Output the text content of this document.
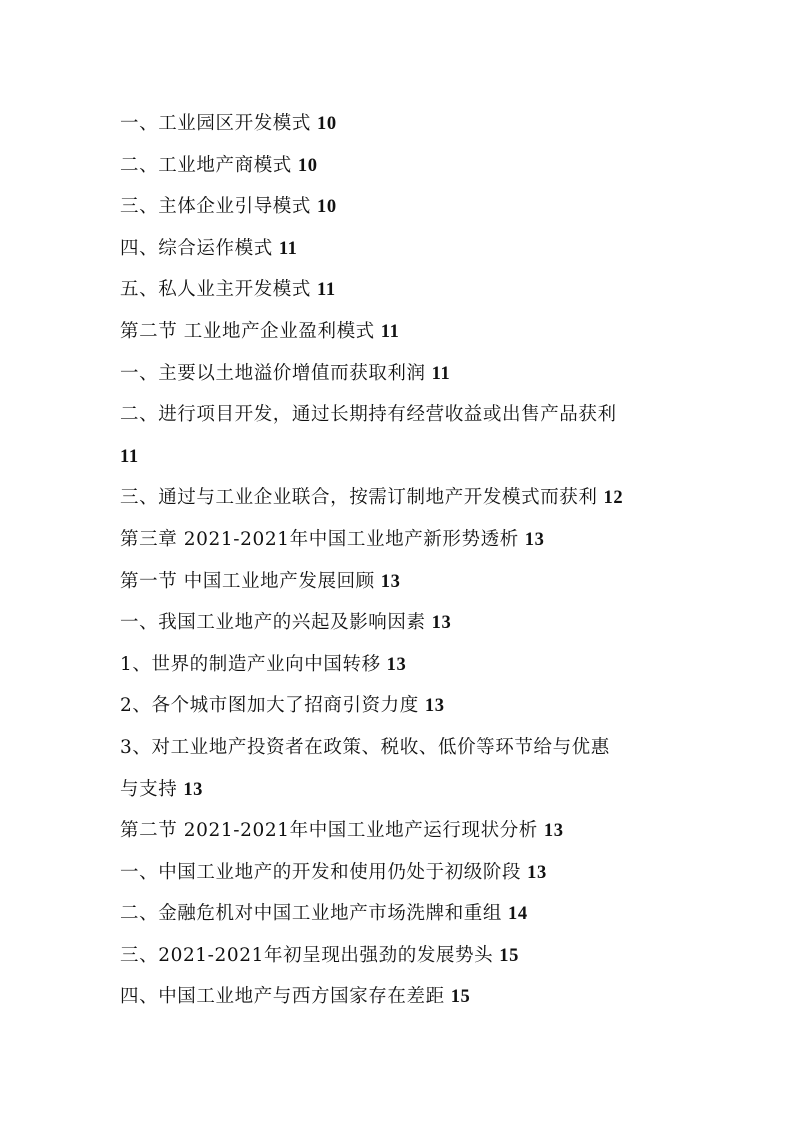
一、工业园区开发模式 10
二、工业地产商模式 10
三、主体企业引导模式 10
四、综合运作模式 11
五、私人业主开发模式 11
第二节 工业地产企业盈利模式 11
一、主要以土地溢价增值而获取利润 11
二、进行项目开发，通过长期持有经营收益或出售产品获利
11
三、通过与工业企业联合，按需订制地产开发模式而获利 12
第三章 2021-2021年中国工业地产新形势透析 13
第一节 中国工业地产发展回顾 13
一、我国工业地产的兴起及影响因素 13
1、世界的制造产业向中国转移 13
2、各个城市图加大了招商引资力度 13
3、对工业地产投资者在政策、税收、低价等环节给与优惠
与支持 13
第二节 2021-2021年中国工业地产运行现状分析 13
一、中国工业地产的开发和使用仍处于初级阶段 13
二、金融危机对中国工业地产市场洗牌和重组 14
三、2021-2021年初呈现出强劲的发展势头 15
四、中国工业地产与西方国家存在差距 15
